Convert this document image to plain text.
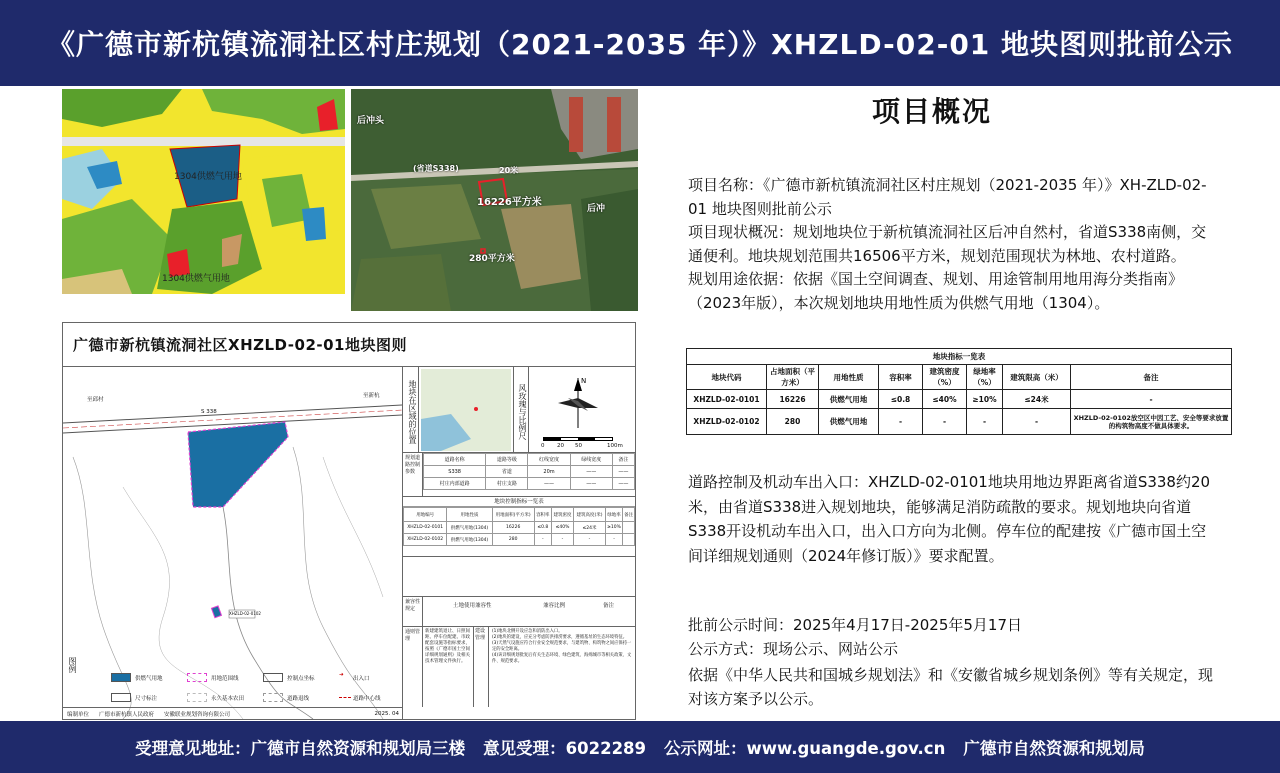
《广德市新杭镇流洞社区村庄规划（2021-2035 年）》XHZLD-02-01 地块图则批前公示
1304供燃气用地
1304供燃气用地
后冲头
(省道S338)	20米
16226平方米
后冲
280平方米
广德市新杭镇流洞社区XHZLD-02-01地块图则
至邱村
至新杭
S 338
XHZLD-02-0102
供燃气用地	用地范围线	控制点坐标
➜
出入口
尺寸标注	永久基本农田	道路退线	道路中心线
图例
编制单位 广德市新杭镇人民政府 安徽联业规划咨询有限公司	2025. 04
地块在区域的位置	风玫瑰与比例尺
N
0 20 50	100m
规划道路控制参数
道路名称	道路等级	红线宽度	绿线宽度	备注
S338	省道	20m	——	——
村庄内部道路	村庄支路	——	——	——
地块控制指标一览表
用地编号	用地性质	用地面积(平方米)	容积率	建筑密度	建筑高度(米)	绿地率	备注
XHZLD-02-0101	供燃气用地(1304)	16226	≤0.8	≤40%	≤24米	≥10%	
XHZLD-02-0102	供燃气用地(1304)	280	-	-	-	-	
兼容性规定	土地使用兼容性	兼容比例	备注
通则管理
新建建筑退让、日照间距、停车位配建、市政配套设施等指标要求，按照《广德市国土空间详细规划通则》及相关技术管理文件执行。
建设管理
(1)地块北侧开设应急和消防出入口。
(2)地块的建设，应充分考虑防洪排涝要求，遵循基址的生态环境特征。
(3)天然气设施应符合行业安全规范要求，与建筑物、构筑物之间应保持一定的安全距离。
(4)该详细规划批复后有关生态环境、绿色建筑、海绵城市等相关政策、文件、规范要求。
项目概况
项目名称：《广德市新杭镇流洞社区村庄规划（2021-2035 年）》XH-ZLD-02-01 地块图则批前公示
项目现状概况：规划地块位于新杭镇流洞社区后冲自然村，省道S338南侧，交通便利。地块规划范围共16506平方米，规划范围现状为林地、农村道路。
规划用途依据：依据《国土空间调查、规划、用途管制用地用海分类指南》（2023年版），本次规划地块用地性质为供燃气用地（1304）。
地块指标一览表							
地块代码	占地面积（平方米）	用地性质	容积率	建筑密度（%）	绿地率（%）	建筑限高（米）	备注
XHZLD-02-0101	16226	供燃气用地	≤0.8	≤40%	≥10%	≤24米	-
XHZLD-02-0102	280	供燃气用地	-	-	-	-	XHZLD-02-0102放空区中因工艺、安全等要求放置的构筑物高度不做具体要求。
道路控制及机动车出入口：XHZLD-02-0101地块用地边界距离省道S338约20米，由省道S338进入规划地块，能够满足消防疏散的要求。规划地块向省道S338开设机动车出入口，出入口方向为北侧。停车位的配建按《广德市国土空间详细规划通则（2024年修订版）》要求配置。
批前公示时间：2025年4月17日-2025年5月17日
公示方式：现场公示、网站公示
依据《中华人民共和国城乡规划法》和《安徽省城乡规划条例》等有关规定，现对该方案予以公示。
受理意见地址：广德市自然资源和规划局三楼 意见受理：6022289 公示网址：www.guangde.gov.cn 广德市自然资源和规划局
